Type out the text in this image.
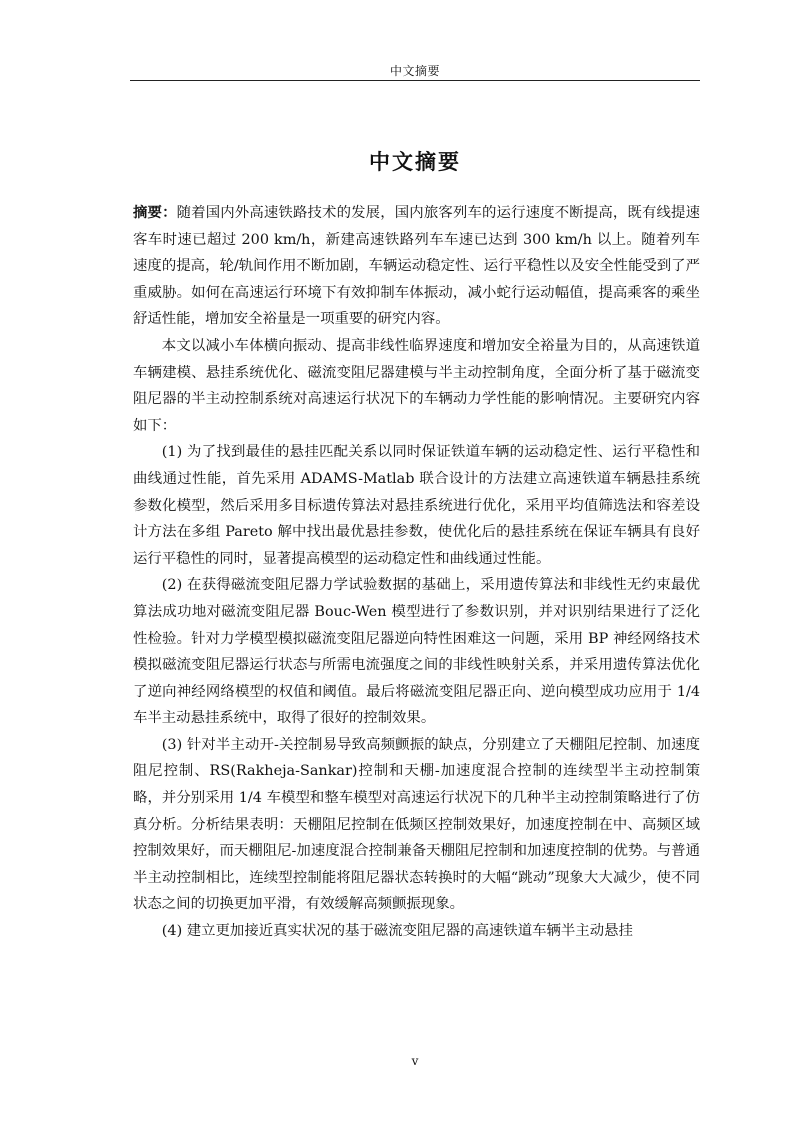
中文摘要
中文摘要

摘要：随着国内外高速铁路技术的发展，国内旅客列车的运行速度不断提高，既有线提速客车时速已超过 200 km/h，新建高速铁路列车车速已达到 300 km/h 以上。随着列车速度的提高，轮/轨间作用不断加剧，车辆运动稳定性、运行平稳性以及安全性能受到了严重威胁。如何在高速运行环境下有效抑制车体振动，减小蛇行运动幅值，提高乘客的乘坐舒适性能，增加安全裕量是一项重要的研究内容。

本文以减小车体横向振动、提高非线性临界速度和增加安全裕量为目的，从高速铁道车辆建模、悬挂系统优化、磁流变阻尼器建模与半主动控制角度，全面分析了基于磁流变阻尼器的半主动控制系统对高速运行状况下的车辆动力学性能的影响情况。主要研究内容如下：

(1) 为了找到最佳的悬挂匹配关系以同时保证铁道车辆的运动稳定性、运行平稳性和曲线通过性能，首先采用 ADAMS-Matlab 联合设计的方法建立高速铁道车辆悬挂系统参数化模型，然后采用多目标遗传算法对悬挂系统进行优化，采用平均值筛选法和容差设计方法在多组 Pareto 解中找出最优悬挂参数，使优化后的悬挂系统在保证车辆具有良好运行平稳性的同时，显著提高模型的运动稳定性和曲线通过性能。

(2) 在获得磁流变阻尼器力学试验数据的基础上，采用遗传算法和非线性无约束最优算法成功地对磁流变阻尼器 Bouc-Wen 模型进行了参数识别，并对识别结果进行了泛化性检验。针对力学模型模拟磁流变阻尼器逆向特性困难这一问题，采用 BP 神经网络技术模拟磁流变阻尼器运行状态与所需电流强度之间的非线性映射关系，并采用遗传算法优化了逆向神经网络模型的权值和阈值。最后将磁流变阻尼器正向、逆向模型成功应用于 1/4 车半主动悬挂系统中，取得了很好的控制效果。

(3) 针对半主动开-关控制易导致高频颤振的缺点，分别建立了天棚阻尼控制、加速度阻尼控制、RS(Rakheja-Sankar)控制和天棚-加速度混合控制的连续型半主动控制策略，并分别采用 1/4 车模型和整车模型对高速运行状况下的几种半主动控制策略进行了仿真分析。分析结果表明：天棚阻尼控制在低频区控制效果好，加速度控制在中、高频区域控制效果好，而天棚阻尼-加速度混合控制兼备天棚阻尼控制和加速度控制的优势。与普通半主动控制相比，连续型控制能将阻尼器状态转换时的大幅“跳动”现象大大减少，使不同状态之间的切换更加平滑，有效缓解高频颤振现象。

(4) 建立更加接近真实状况的基于磁流变阻尼器的高速铁道车辆半主动悬挂

v
